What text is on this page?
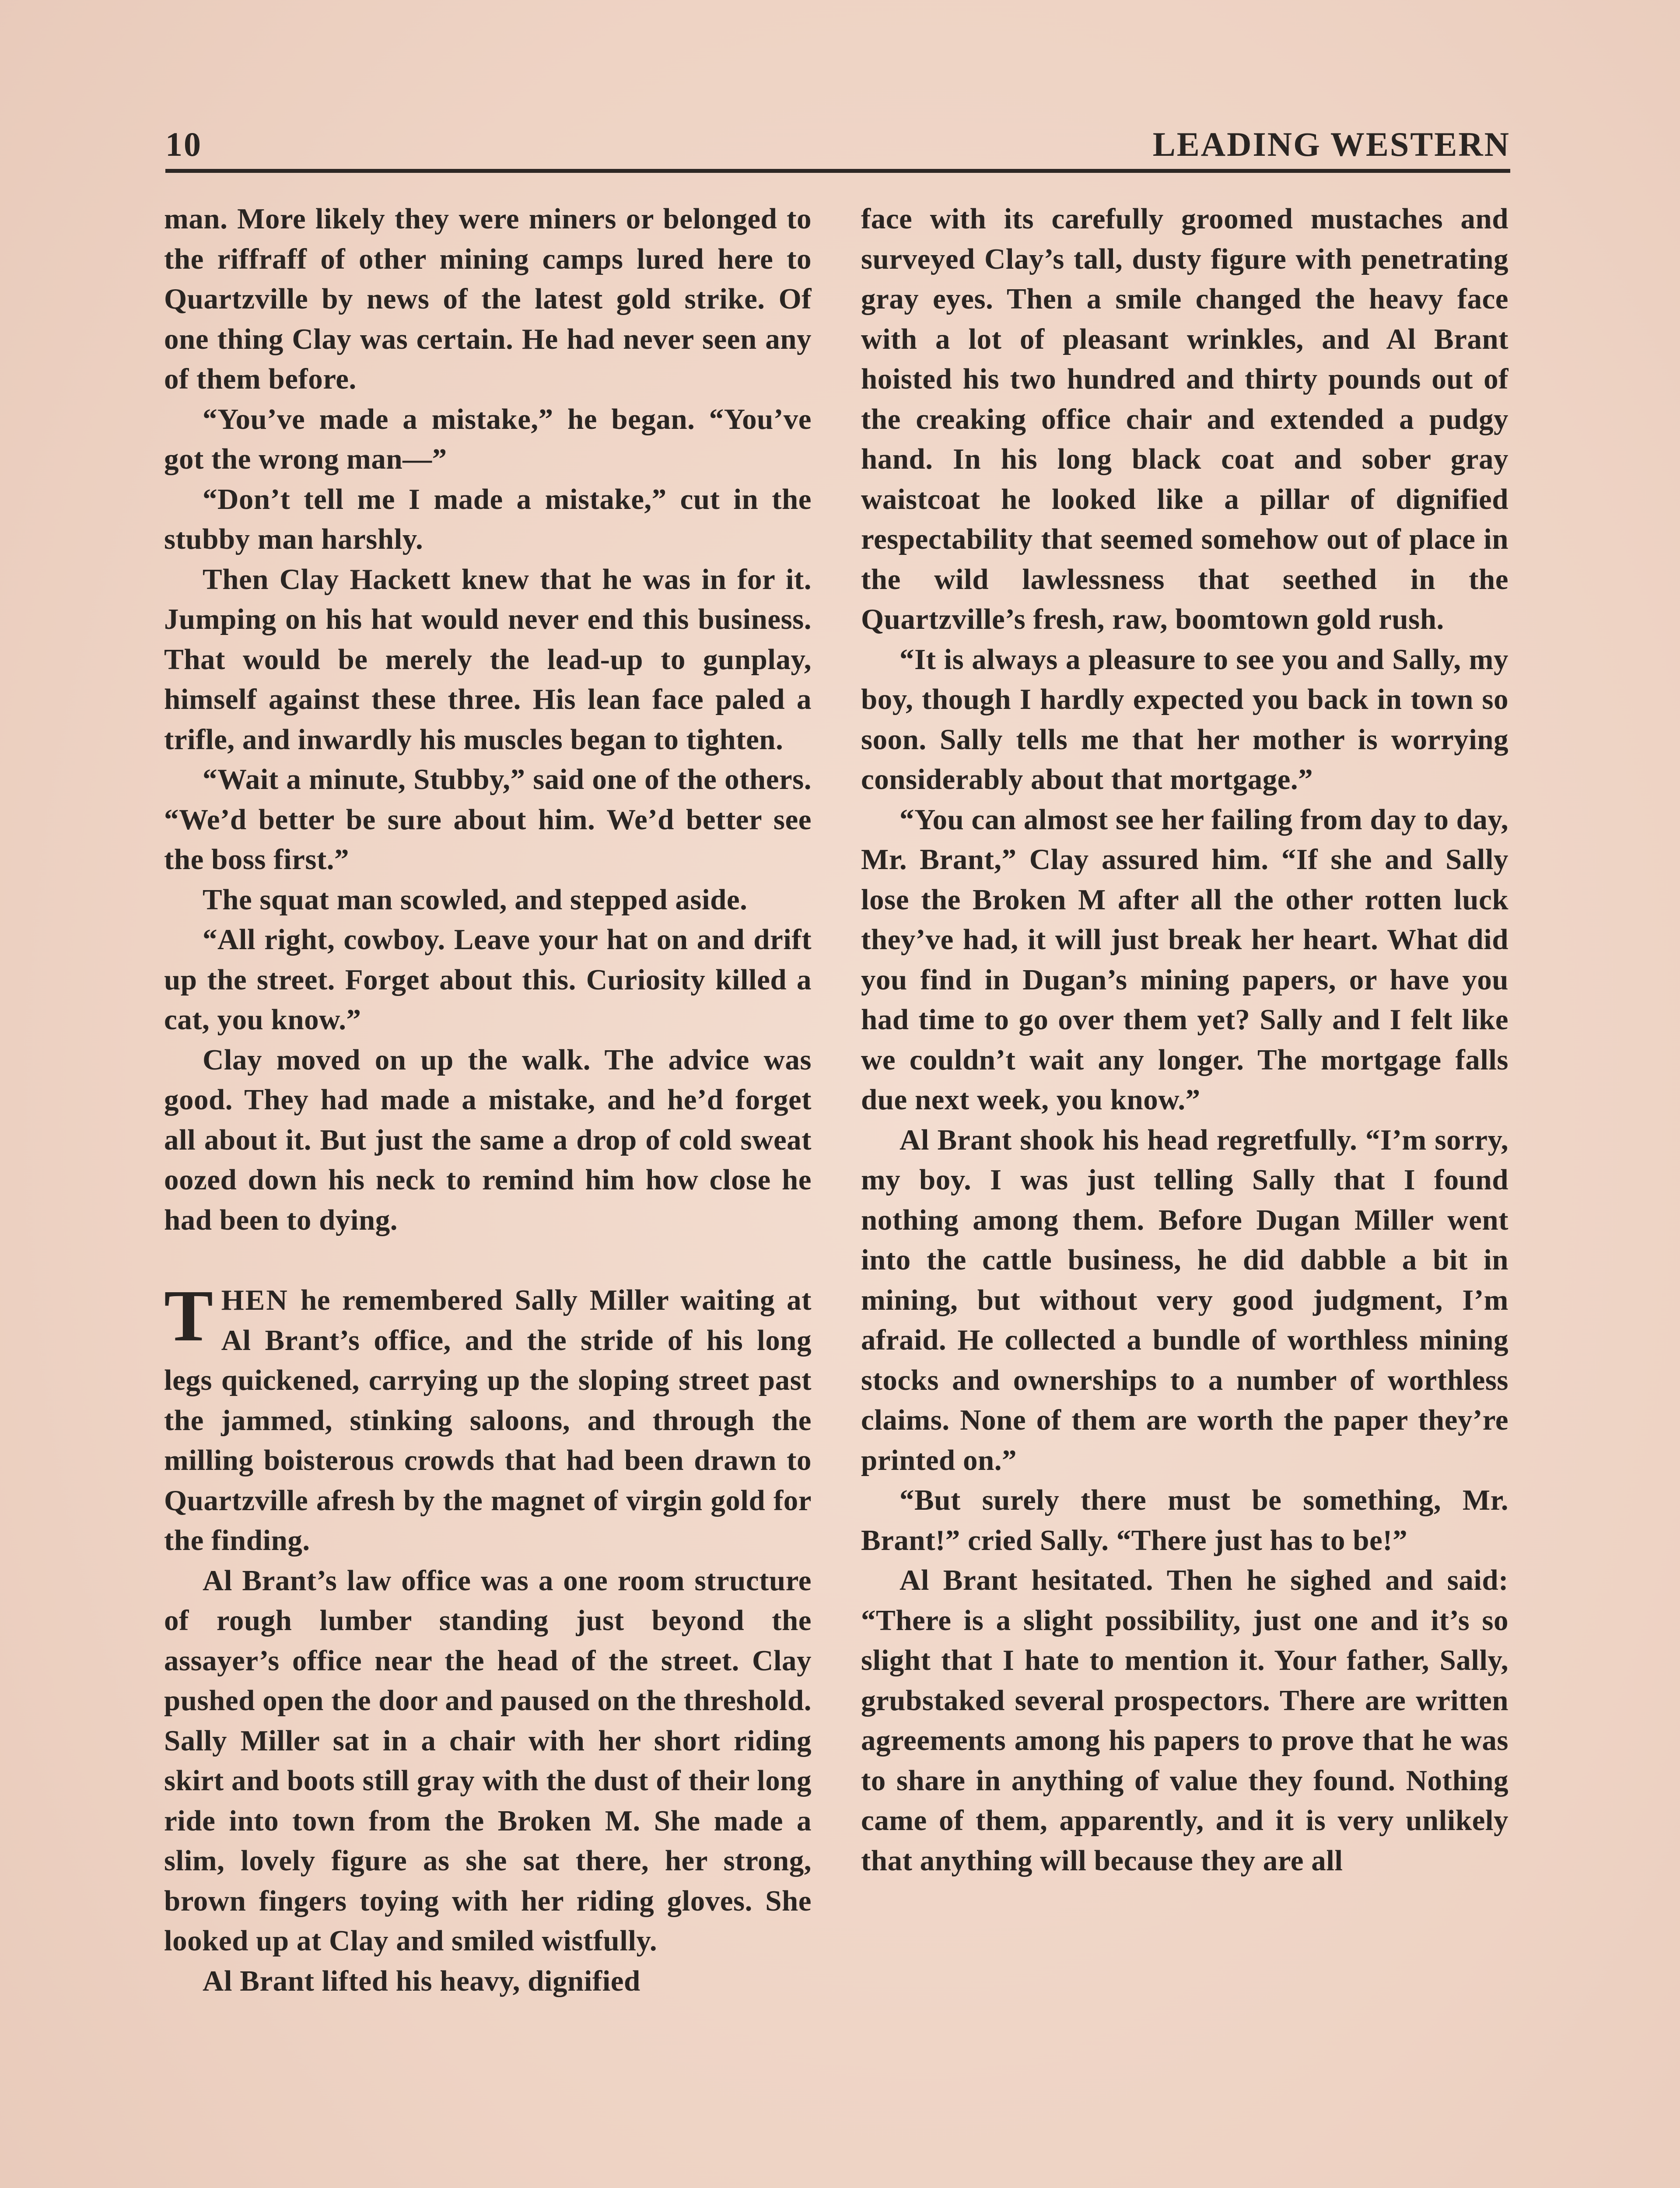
10	LEADING WESTERN

man. More likely they were miners or belonged to the riffraff of other mining camps lured here to Quartzville by news of the latest gold strike. Of one thing Clay was certain. He had never seen any of them before.

“You’ve made a mistake,” he began. “You’ve got the wrong man—”

“Don’t tell me I made a mistake,” cut in the stubby man harshly.

Then Clay Hackett knew that he was in for it. Jumping on his hat would never end this business. That would be merely the lead-up to gunplay, himself against these three. His lean face paled a trifle, and inwardly his muscles began to tighten.

“Wait a minute, Stubby,” said one of the others. “We’d better be sure about him. We’d better see the boss first.”

The squat man scowled, and stepped aside.

“All right, cowboy. Leave your hat on and drift up the street. Forget about this. Curiosity killed a cat, you know.”

Clay moved on up the walk. The advice was good. They had made a mistake, and he’d forget all about it. But just the same a drop of cold sweat oozed down his neck to remind him how close he had been to dying.

THEN he remembered Sally Miller waiting at Al Brant’s office, and the stride of his long legs quickened, carrying up the sloping street past the jammed, stinking saloons, and through the milling boisterous crowds that had been drawn to Quartzville afresh by the magnet of virgin gold for the finding.

Al Brant’s law office was a one room structure of rough lumber standing just beyond the assayer’s office near the head of the street. Clay pushed open the door and paused on the threshold. Sally Miller sat in a chair with her short riding skirt and boots still gray with the dust of their long ride into town from the Broken M. She made a slim, lovely figure as she sat there, her strong, brown fingers toying with her riding gloves. She looked up at Clay and smiled wistfully.

Al Brant lifted his heavy, dignified

face with its carefully groomed mustaches and surveyed Clay’s tall, dusty figure with penetrating gray eyes. Then a smile changed the heavy face with a lot of pleasant wrinkles, and Al Brant hoisted his two hundred and thirty pounds out of the creaking office chair and extended a pudgy hand. In his long black coat and sober gray waistcoat he looked like a pillar of dignified respectability that seemed somehow out of place in the wild lawlessness that seethed in the Quartzville’s fresh, raw, boomtown gold rush.

“It is always a pleasure to see you and Sally, my boy, though I hardly expected you back in town so soon. Sally tells me that her mother is worrying considerably about that mortgage.”

“You can almost see her failing from day to day, Mr. Brant,” Clay assured him. “If she and Sally lose the Broken M after all the other rotten luck they’ve had, it will just break her heart. What did you find in Dugan’s mining papers, or have you had time to go over them yet? Sally and I felt like we couldn’t wait any longer. The mortgage falls due next week, you know.”

Al Brant shook his head regretfully. “I’m sorry, my boy. I was just telling Sally that I found nothing among them. Before Dugan Miller went into the cattle business, he did dabble a bit in mining, but without very good judgment, I’m afraid. He collected a bundle of worthless mining stocks and ownerships to a number of worthless claims. None of them are worth the paper they’re printed on.”

“But surely there must be something, Mr. Brant!” cried Sally. “There just has to be!”

Al Brant hesitated. Then he sighed and said: “There is a slight possibility, just one and it’s so slight that I hate to mention it. Your father, Sally, grubstaked several prospectors. There are written agreements among his papers to prove that he was to share in anything of value they found. Nothing came of them, apparently, and it is very unlikely that anything will because they are all
